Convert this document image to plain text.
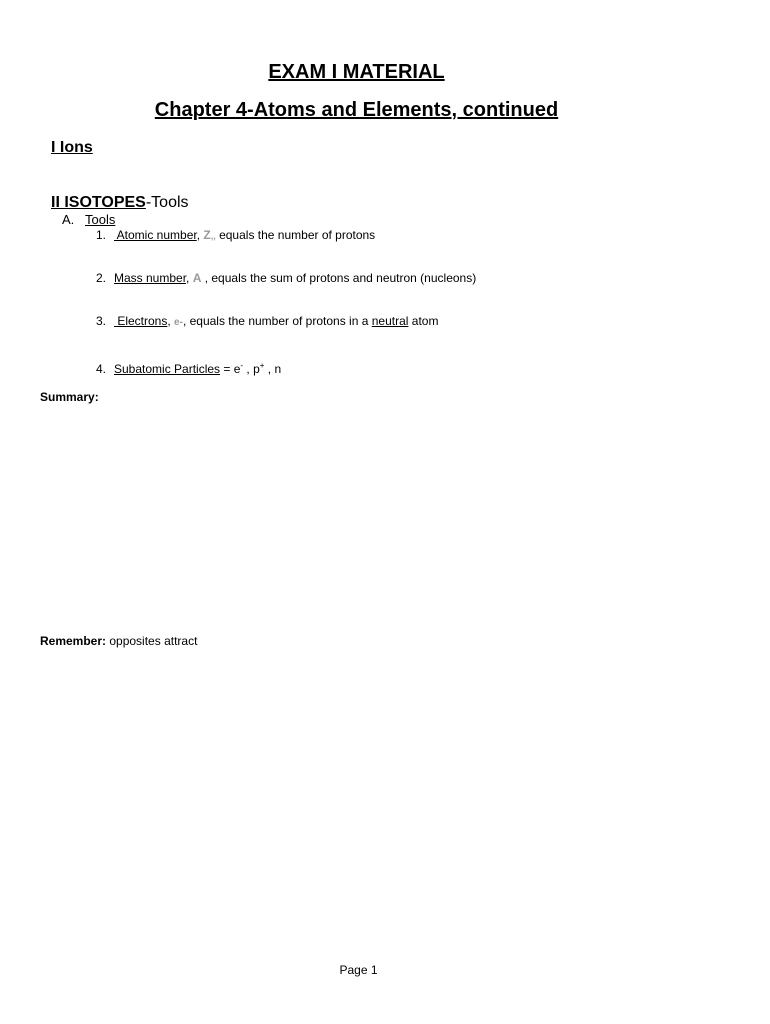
EXAM I MATERIAL
Chapter 4-Atoms and Elements, continued
I Ions
II ISOTOPES-Tools
A. Tools
1. Atomic number, Z,, equals the number of protons
2. Mass number, A , equals the sum of protons and neutron (nucleons)
3. Electrons, e-, equals the number of protons in a neutral atom
4. Subatomic Particles = e- , p+ , n
Summary:
Remember: opposites attract
Page 1
